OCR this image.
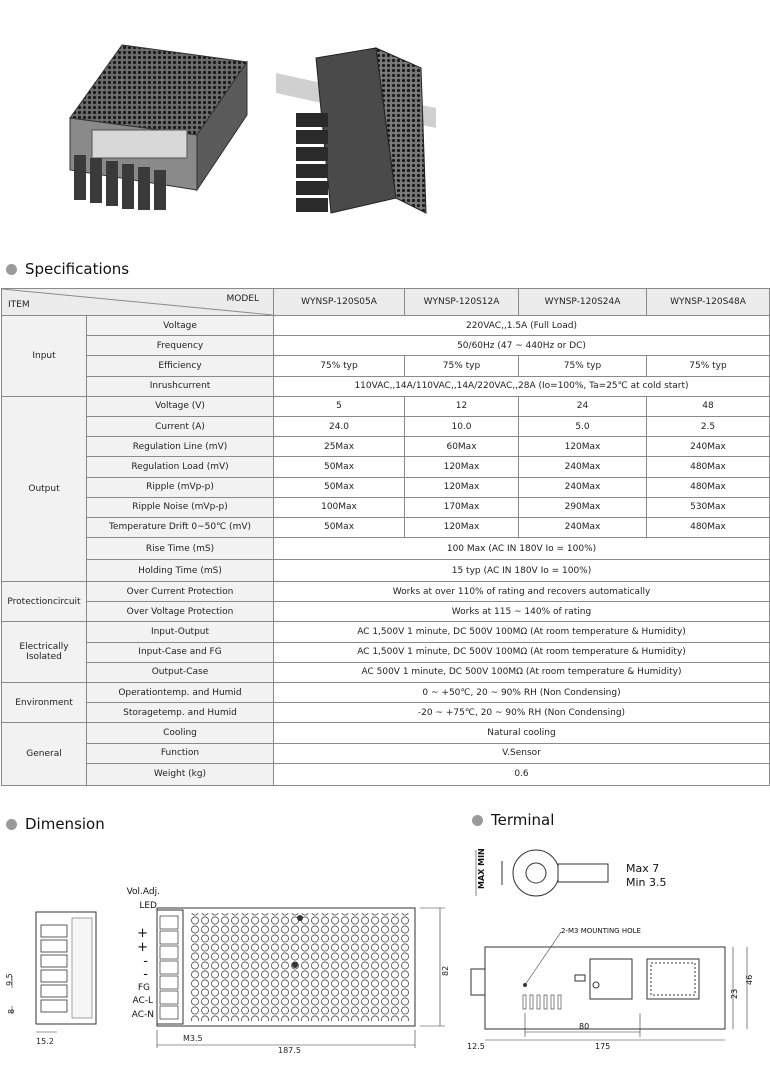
Specifications
MODEL
ITEM		WYNSP-120S05A	WYNSP-120S12A	WYNSP-120S24A	WYNSP-120S48A
Input	Voltage	220VAC‚‚1.5A (Full Load)			
	Frequency	50/60Hz (47 ~ 440Hz or DC)			
	Efficiency	75% typ	75% typ	75% typ	75% typ
	Inrushcurrent	110VAC‚‚14A/110VAC‚‚14A/220VAC‚‚28A (Io=100%, Ta=25℃ at cold start)			
Output	Voltage (V)	5	12	24	48
	Current (A)	24.0	10.0	5.0	2.5
	Regulation Line (mV)	25Max	60Max	120Max	240Max
	Regulation Load (mV)	50Max	120Max	240Max	480Max
	Ripple (mVp-p)	50Max	120Max	240Max	480Max
	Ripple Noise (mVp-p)	100Max	170Max	290Max	530Max
	Temperature Drift 0~50℃ (mV)	50Max	120Max	240Max	480Max
	Rise Time (mS)	100 Max (AC IN 180V Io = 100%)			
	Holding Time (mS)	15 typ (AC IN 180V Io = 100%)			
Protectioncircuit	Over Current Protection	Works at over 110% of rating and recovers automatically			
	Over Voltage Protection	Works at 115 ~ 140% of rating			
Electrically Isolated	Input-Output	AC 1,500V 1 minute, DC 500V 100MΩ (At room temperature & Humidity)			
	Input-Case and FG	AC 1,500V 1 minute, DC 500V 100MΩ (At room temperature & Humidity)			
	Output-Case	AC 500V 1 minute, DC 500V 100MΩ (At room temperature & Humidity)			
Environment	Operationtemp. and Humid	0 ~ +50℃, 20 ~ 90% RH (Non Condensing)			
	Storagetemp. and Humid	-20 ~ +75℃, 20 ~ 90% RH (Non Condensing)			
General	Cooling	Natural cooling			
	Function	V.Sensor			
	Weight (kg)	0.6			
Dimension
15.2
9.5
8
Vol.Adj.
LED
+
+
-
-
FG
AC-L
AC-N
M3.5
187.5
82
Terminal
MAX MIN	Max 7
Min 3.5
2-M3 MOUNTING HOLE
80
175
12.5
23
46
